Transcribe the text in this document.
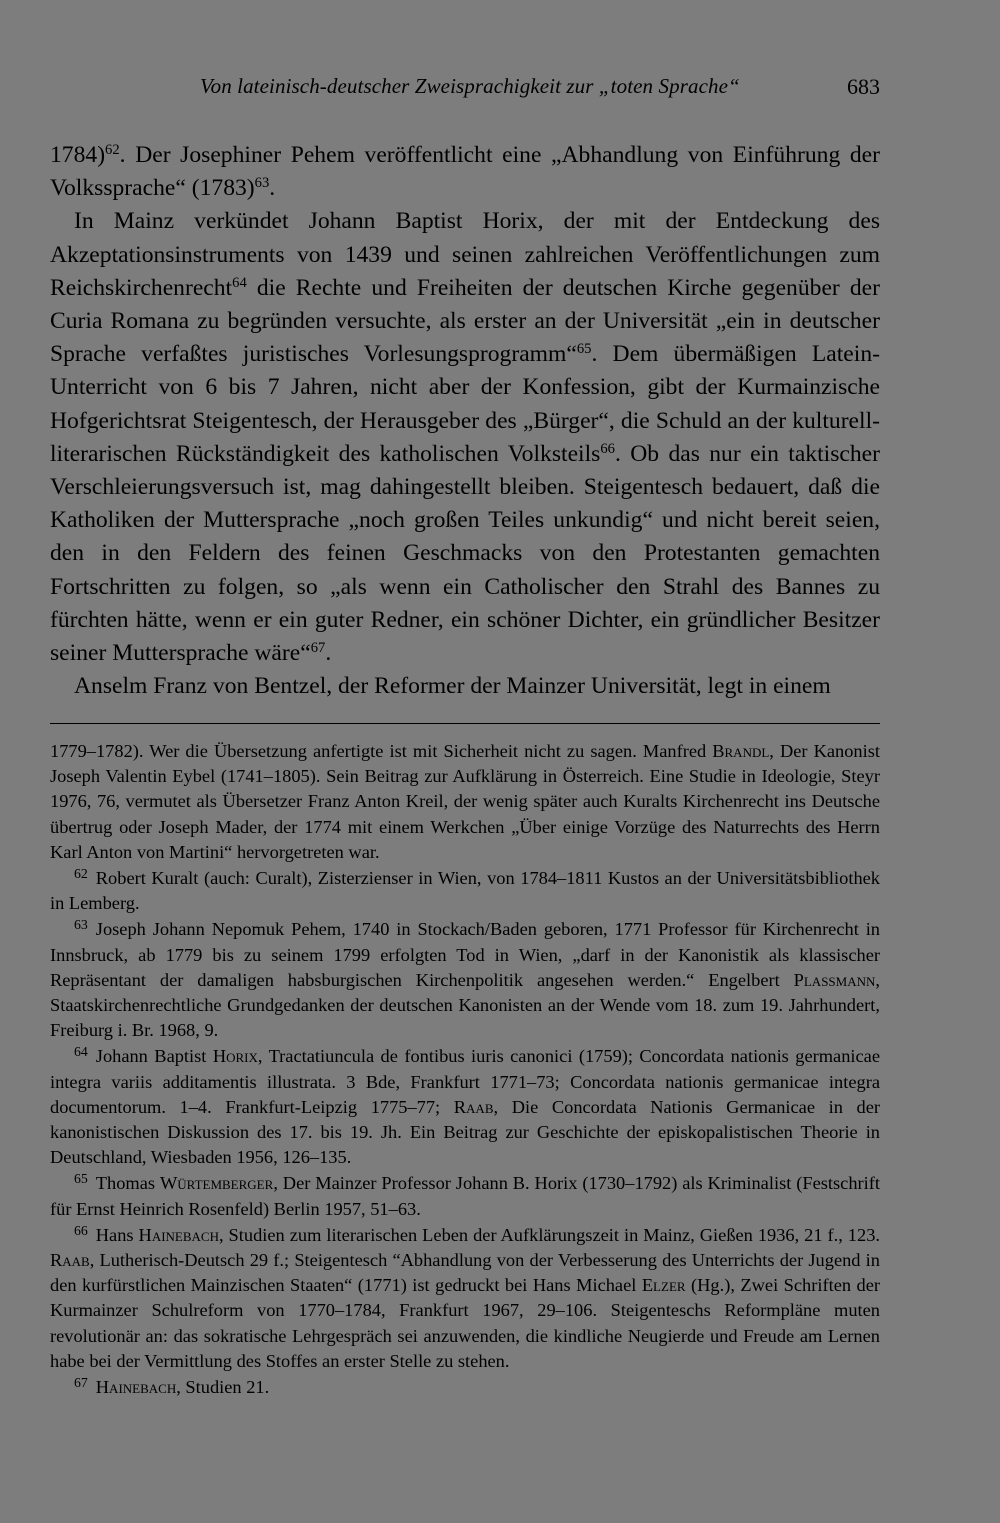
Von lateinisch-deutscher Zweisprachigkeit zur „toten Sprache“	683

1784)$^{62}$. Der Josephiner Pehem veröffentlicht eine „Abhandlung von Einführung der Volkssprache“ $(1783)^{63}$.

In Mainz verkündet Johann Baptist Horix, der mit der Entdeckung des Akzeptationsinstruments von 1439 und seinen zahlreichen Veröffentlichungen zum Reichskirchenrecht$^{64}$ die Rechte und Freiheiten der deutschen Kirche gegenüber der Curia Romana zu begründen versuchte, als erster an der Universität „ein in deutscher Sprache verfaßtes juristisches Vorlesungsprogramm“$^{65}$. Dem übermäßigen Latein-Unterricht von 6 bis 7 Jahren, nicht aber der Konfession, gibt der Kurmainzische Hofgerichtsrat Steigentesch, der Herausgeber des „Bürger“, die Schuld an der kulturell-literarischen Rückständigkeit des katholischen Volksteils$^{66}$. Ob das nur ein taktischer Verschleierungsversuch ist, mag dahingestellt bleiben. Steigentesch bedauert, daß die Katholiken der Muttersprache „noch großen Teiles unkundig“ und nicht bereit seien, den in den Feldern des feinen Geschmacks von den Protestanten gemachten Fortschritten zu folgen, so „als wenn ein Catholischer den Strahl des Bannes zu fürchten hätte, wenn er ein guter Redner, ein schöner Dichter, ein gründlicher Besitzer seiner Muttersprache wäre“$^{67}$.

Anselm Franz von Bentzel, der Reformer der Mainzer Universität, legt in einem

1779–1782). Wer die Übersetzung anfertigte ist mit Sicherheit nicht zu sagen. Manfred Brandl, Der Kanonist Joseph Valentin Eybel (1741–1805). Sein Beitrag zur Aufklärung in Österreich. Eine Studie in Ideologie, Steyr 1976, 76, vermutet als Übersetzer Franz Anton Kreil, der wenig später auch Kuralts Kirchenrecht ins Deutsche übertrug oder Joseph Mader, der 1774 mit einem Werkchen „Über einige Vorzüge des Naturrechts des Herrn Karl Anton von Martini“ hervorgetreten war.

$^{62}$ Robert Kuralt (auch: Curalt), Zisterzienser in Wien, von 1784–1811 Kustos an der Universitätsbibliothek in Lemberg.

$^{63}$ Joseph Johann Nepomuk Pehem, 1740 in Stockach/Baden geboren, 1771 Professor für Kirchenrecht in Innsbruck, ab 1779 bis zu seinem 1799 erfolgten Tod in Wien, „darf in der Kanonistik als klassischer Repräsentant der damaligen habsburgischen Kirchenpolitik angesehen werden.“ Engelbert Plassmann, Staatskirchenrechtliche Grundgedanken der deutschen Kanonisten an der Wende vom 18. zum 19. Jahrhundert, Freiburg i. Br. 1968, 9.

$^{64}$ Johann Baptist Horix, Tractatiuncula de fontibus iuris canonici (1759); Concordata nationis germanicae integra variis additamentis illustrata. 3 Bde, Frankfurt 1771–73; Concordata nationis germanicae integra documentorum. 1–4. Frankfurt-Leipzig 1775–77; Raab, Die Concordata Nationis Germanicae in der kanonistischen Diskussion des 17. bis 19. Jh. Ein Beitrag zur Geschichte der episkopalistischen Theorie in Deutschland, Wiesbaden 1956, 126–135.

$^{65}$ Thomas Würtemberger, Der Mainzer Professor Johann B. Horix (1730–1792) als Kriminalist (Festschrift für Ernst Heinrich Rosenfeld) Berlin 1957, 51–63.

$^{66}$ Hans Hainebach, Studien zum literarischen Leben der Aufklärungszeit in Mainz, Gießen 1936, 21 f., 123. Raab, Lutherisch-Deutsch 29 f.; Steigentesch “Abhandlung von der Verbesserung des Unterrichts der Jugend in den kurfürstlichen Mainzischen Staaten“ (1771) ist gedruckt bei Hans Michael Elzer (Hg.), Zwei Schriften der Kurmainzer Schulreform von 1770–1784, Frankfurt 1967, 29–106. Steigenteschs Reformpläne muten revolutionär an: das sokratische Lehrgespräch sei anzuwenden, die kindliche Neugierde und Freude am Lernen habe bei der Vermittlung des Stoffes an erster Stelle zu stehen.

$^{67}$ Hainebach, Studien 21.
